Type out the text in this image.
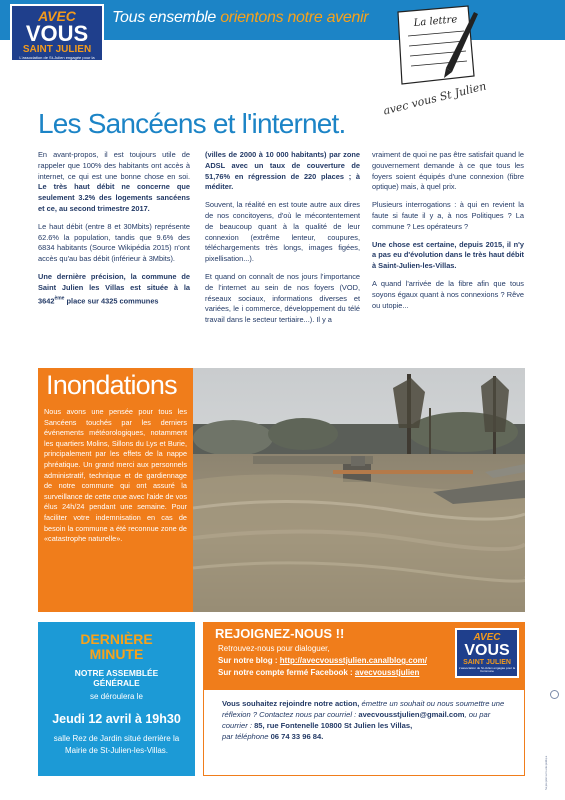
AVEC
VOUS
SAINT JULIEN
L'association de St-Julien engagée pour la Commune
Tous ensemble orientons notre avenir	La lettre
avec vous St Julien
Les Sancéens et l'internet.

En avant-propos, il est toujours utile de rappeler que 100% des habitants ont accès à internet, ce qui est une bonne chose en soi. Le très haut débit ne concerne que seulement 3.2% des logements sancéens et ce, au second trimestre 2017.

Le haut débit (entre 8 et 30Mbits) représente 62.6% la population, tandis que 9.6% des 6834 habitants (Source Wikipédia 2015) n'ont accès qu'au bas débit (inférieur à 3Mbits).

Une dernière précision, la commune de Saint Julien les Villas est située à la 3642ème place sur 4325 communes

(villes de 2000 à 10 000 habitants) par zone ADSL avec un taux de couverture de 51,76% en régression de 220 places ; à méditer.

Souvent, la réalité en est toute autre aux dires de nos concitoyens, d'où le mécontentement de beaucoup quant à la qualité de leur connexion (extrême lenteur, coupures, téléchargements très longs, images figées, pixellisation...).

Et quand on connaît de nos jours l'importance de l'internet au sein de nos foyers (VOD, réseaux sociaux, informations diverses et variées, le i commerce, développement du télé travail dans le secteur tertiaire...). Il y a

vraiment de quoi ne pas être satisfait quand le gouvernement demande à ce que tous les foyers soient équipés d'une connexion (fibre optique) mais, à quel prix.

Plusieurs interrogations : à qui en revient la faute si faute il y a, à nos Politiques ? La commune ? Les opérateurs ?

Une chose est certaine, depuis 2015, il n'y a pas eu d'évolution dans le très haut débit à Saint-Julien-les-Villas.

A quand l'arrivée de la fibre afin que tous soyons égaux quant à nos connexions ? Rêve ou utopie...

Inondations
Nous avons une pensée pour tous les Sancéens touchés par les derniers événements météorologiques, notamment les quartiers Molins, Sillons du Lys et Burie, principalement par les effets de la nappe phréatique. Un grand merci aux personnels administratif, technique et de gardiennage de notre commune qui ont assuré la surveillance de cette crue avec l'aide de vos élus 24h/24 pendant une semaine. Pour faciliter votre indemnisation en cas de besoin la commune a été reconnue zone de «catastrophe naturelle».
DERNIÈRE
MINUTE
NOTRE ASSEMBLÉE
GÉNÉRALE
se déroulera le
Jeudi 12 avril à 19h30
salle Rez de Jardin situé derrière la
Mairie de St-Julien-les-Villas.
REJOIGNEZ-NOUS !!
Retrouvez-nous pour dialoguer,
Sur notre blog : http://avecvousstjulien.canalblog.com/
Sur notre compte fermé Facebook : avecvousstjulien
AVEC
VOUS
SAINT JULIEN
L'association de St-Julien engagée pour la Commune
Vous souhaitez rejoindre notre action, émettre un souhait ou nous soumettre une réflexion ? Contactez nous par courriel : avecvousstjulien@gmail.com, ou par courrier : 85, rue Fontenelle 10800 St Julien les Villas,
par téléphone 06 74 33 96 84.
Ne pas jeter sur la voie publique
